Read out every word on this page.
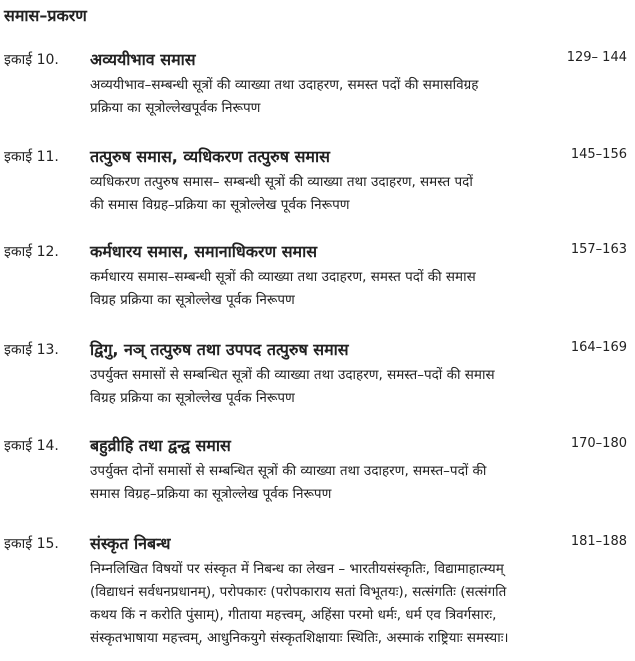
समास–प्रकरण
इकाई 10. अव्ययीभाव समास	129– 144
अव्ययीभाव–सम्बन्धी सूत्रों की व्याख्या तथा उदाहरण, समस्त पदों की समासविग्रह
प्रक्रिया का सूत्रोल्लेखपूर्वक निरूपण
इकाई 11. तत्पुरुष समास, व्यधिकरण तत्पुरुष समास	145–156
व्यधिकरण तत्पुरुष समास– सम्बन्धी सूत्रों की व्याख्या तथा उदाहरण, समस्त पदों
की समास विग्रह–प्रक्रिया का सूत्रोल्लेख पूर्वक निरूपण
इकाई 12. कर्मधारय समास, समानाधिकरण समास	157–163
कर्मधारय समास–सम्बन्धी सूत्रों की व्याख्या तथा उदाहरण, समस्त पदों की समास
विग्रह प्रक्रिया का सूत्रोल्लेख पूर्वक निरूपण
इकाई 13. द्विगु, नञ् तत्पुरुष तथा उपपद तत्पुरुष समास	164–169
उपर्युक्त समासों से सम्बन्धित सूत्रों की व्याख्या तथा उदाहरण, समस्त–पदों की समास
विग्रह प्रक्रिया का सूत्रोल्लेख पूर्वक निरूपण
इकाई 14. बहुव्रीहि तथा द्वन्द्व समास	170–180
उपर्युक्त दोनों समासों से सम्बन्धित सूत्रों की व्याख्या तथा उदाहरण, समस्त–पदों की
समास विग्रह–प्रक्रिया का सूत्रोल्लेख पूर्वक निरूपण
इकाई 15. संस्कृत निबन्ध	181–188
निम्नलिखित विषयों पर संस्कृत में निबन्ध का लेखन – भारतीयसंस्कृतिः, विद्यामाहात्म्यम्
(विद्याधनं सर्वधनप्रधानम्), परोपकारः (परोपकाराय सतां विभूतयः), सत्संगतिः (सत्संगति
कथय किं न करोति पुंसाम्), गीताया महत्त्वम्, अहिंसा परमो धर्मः, धर्म एव त्रिवर्गसारः,
संस्कृतभाषाया महत्त्वम्, आधुनिकयुगे संस्कृतशिक्षायाः स्थितिः, अस्माकं राष्ट्रियाः समस्याः।
